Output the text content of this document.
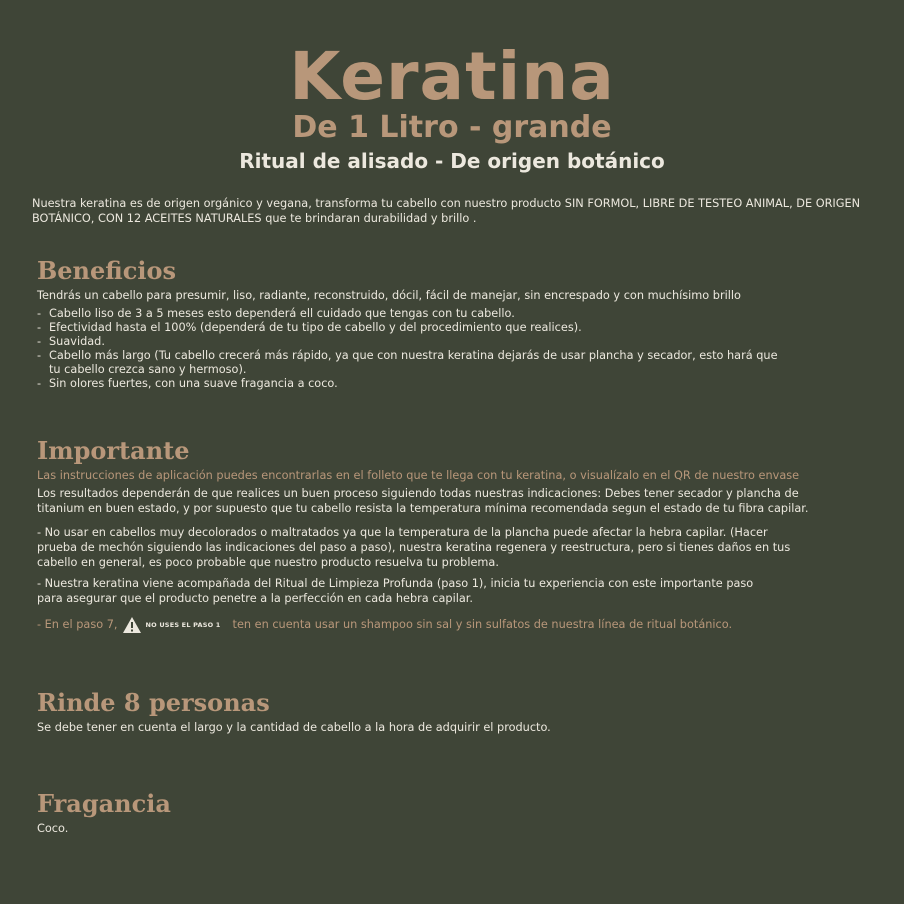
Keratina
De 1 Litro - grande
Ritual de alisado - De origen botánico

Nuestra keratina es de origen orgánico y vegana, transforma tu cabello con nuestro producto SIN FORMOL, LIBRE DE TESTEO ANIMAL, DE ORIGEN BOTÁNICO, CON 12 ACEITES NATURALES que te brindaran durabilidad y brillo .

Beneficios

Tendrás un cabello para presumir, liso, radiante, reconstruido, dócil, fácil de manejar, sin encrespado y con muchísimo brillo

- Cabello liso de 3 a 5 meses esto dependerá ell cuidado que tengas con tu cabello.
- Efectividad hasta el 100% (dependerá de tu tipo de cabello y del procedimiento que realices).
- Suavidad.
- Cabello más largo (Tu cabello crecerá más rápido, ya que con nuestra keratina dejarás de usar plancha y secador, esto hará que tu cabello crezca sano y hermoso).
- Sin olores fuertes, con una suave fragancia a coco.
Importante

Las instrucciones de aplicación puedes encontrarlas en el folleto que te llega con tu keratina, o visualízalo en el QR de nuestro envase

Los resultados dependerán de que realices un buen proceso siguiendo todas nuestras indicaciones: Debes tener secador y plancha de titanium en buen estado, y por supuesto que tu cabello resista la temperatura mínima recomendada segun el estado de tu fibra capilar.

- No usar en cabellos muy decolorados o maltratados ya que la temperatura de la plancha puede afectar la hebra capilar. (Hacer prueba de mechón siguiendo las indicaciones del paso a paso), nuestra keratina regenera y reestructura, pero si tienes daños en tus cabello en general, es poco probable que nuestro producto resuelva tu problema.

- Nuestra keratina viene acompañada del Ritual de Limpieza Profunda (paso 1), inicia tu experiencia con este importante paso para asegurar que el producto penetre a la perfección en cada hebra capilar.

- En el paso 7,	NO USES EL PASO 1 ten en cuenta usar un shampoo sin sal y sin sulfatos de nuestra línea de ritual botánico.

Rinde 8 personas

Se debe tener en cuenta el largo y la cantidad de cabello a la hora de adquirir el producto.

Fragancia

Coco.
